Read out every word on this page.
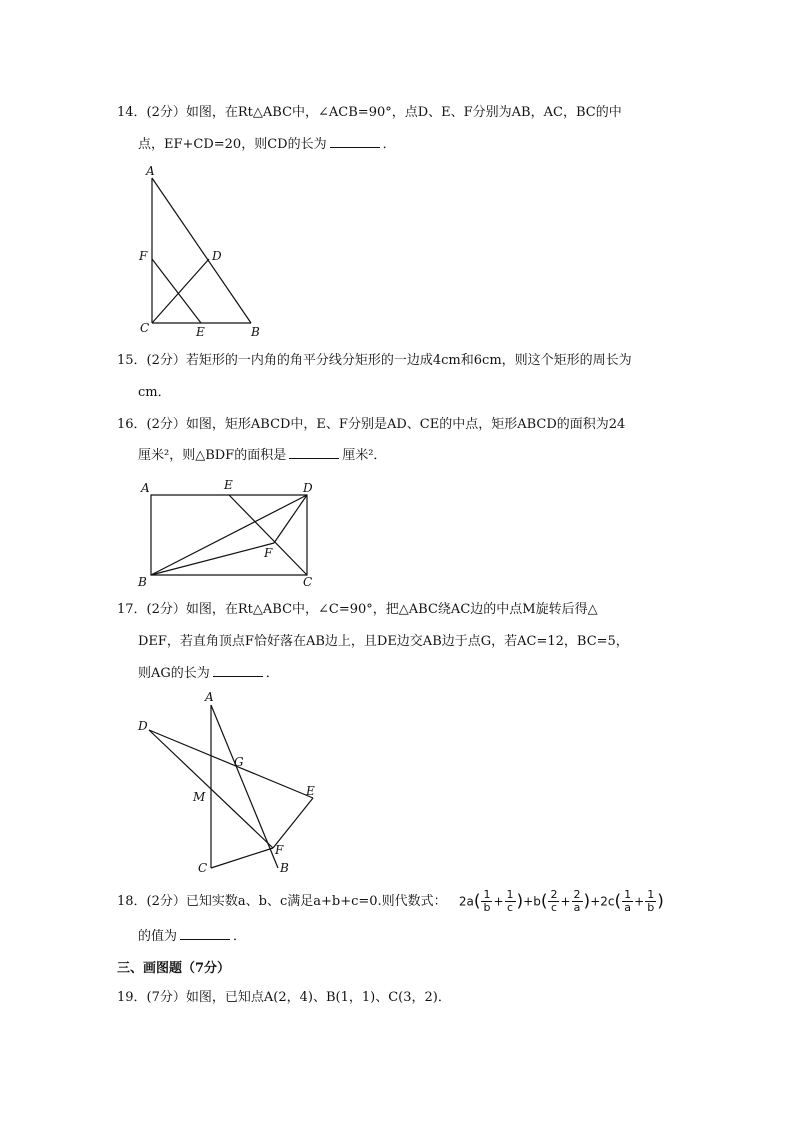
14．(2分）如图，在Rt△ABC中，∠ACB=90°，点D、E、F分别为AB，AC，BC的中
点，EF+CD=20，则CD的长为	．
A
F	D
C	E	B
15．(2分）若矩形的一内角的角平分线分矩形的一边成4cm和6cm，则这个矩形的周长为
cm．
16．(2分）如图，矩形ABCD中，E、F分别是AD、CE的中点，矩形ABCD的面积为24
厘米²，则△BDF的面积是	厘米²．
A	E	D
F
B	C
17．(2分）如图，在Rt△ABC中，∠C=90°，把△ABC绕AC边的中点M旋转后得△
DEF，若直角顶点F恰好落在AB边上，且DE边交AB边于点G，若AC=12，BC=5，
则AG的长为	．
A
D
G
E
M
F
C	B
18．(2分）已知实数a、b、c满足a+b+c=0.则代数式： $2a( \frac{1}{b} + \frac{1}{c} )+b( \frac{2}{c} + \frac{2}{a} )+2c( \frac{1}{a} + \frac{1}{b}$ )
的值为	．
三、画图题（7分）
19．(7分）如图，已知点A(2，4)、B(1，1)、C(3，2)．
